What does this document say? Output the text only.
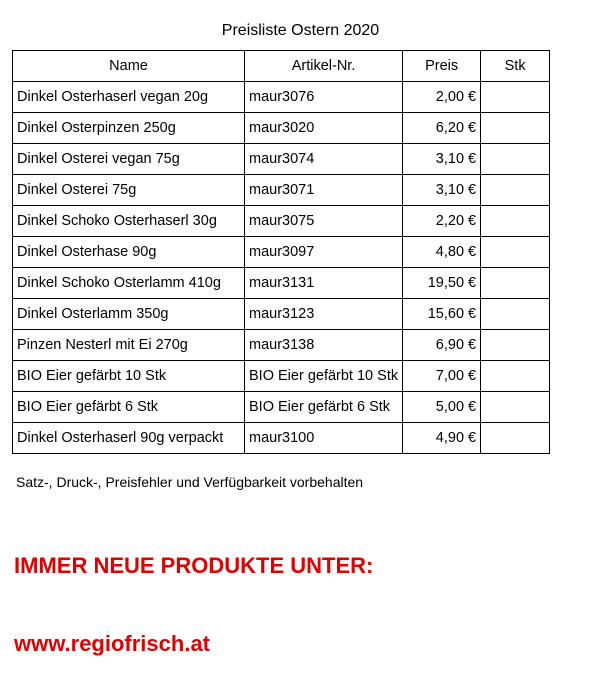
Preisliste Ostern 2020
Name	Artikel-Nr.	Preis	Stk
Dinkel Osterhaserl vegan 20g	maur3076	2,00 €	
Dinkel Osterpinzen 250g	maur3020	6,20 €	
Dinkel Osterei vegan 75g	maur3074	3,10 €	
Dinkel Osterei 75g	maur3071	3,10 €	
Dinkel Schoko Osterhaserl 30g	maur3075	2,20 €	
Dinkel Osterhase 90g	maur3097	4,80 €	
Dinkel Schoko Osterlamm 410g	maur3131	19,50 €	
Dinkel Osterlamm 350g	maur3123	15,60 €	
Pinzen Nesterl mit Ei 270g	maur3138	6,90 €	
BIO Eier gefärbt 10 Stk	BIO Eier gefärbt 10 Stk	7,00 €	
BIO Eier gefärbt 6 Stk	BIO Eier gefärbt 6 Stk	5,00 €	
Dinkel Osterhaserl 90g verpackt	maur3100	4,90 €	
Satz-, Druck-, Preisfehler und Verfügbarkeit vorbehalten
IMMER NEUE PRODUKTE UNTER:
www.regiofrisch.at
